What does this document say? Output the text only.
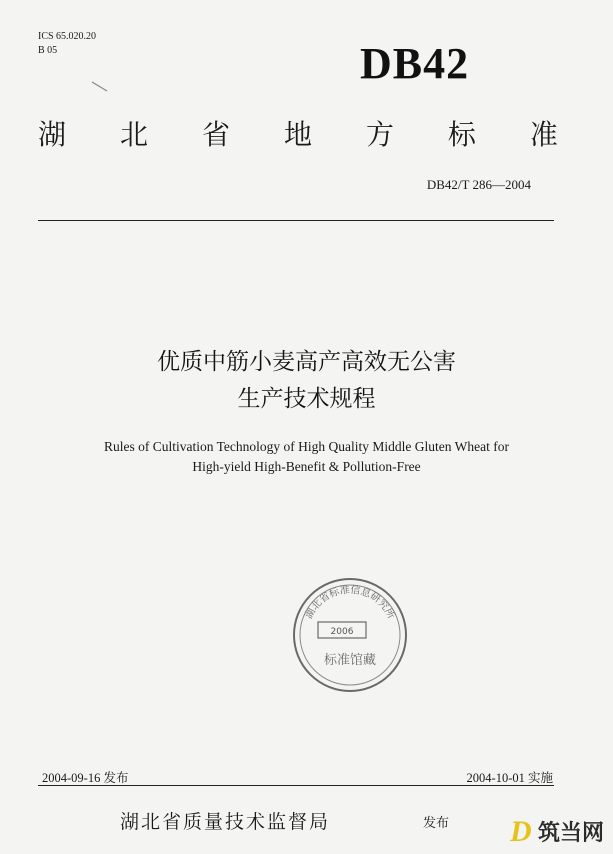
ICS 65.020.20
B 05	DB42
湖 北 省 地 方 标 准
DB42/T 286—2004
优质中筋小麦高产高效无公害
生产技术规程
Rules of Cultivation Technology of High Quality Middle Gluten Wheat for
High-yield High-Benefit & Pollution-Free
湖北省标准信息研究所
2006
标准馆藏
2004-09-16 发布	2004-10-01 实施
湖北省质量技术监督局	发布 D 筑当网
